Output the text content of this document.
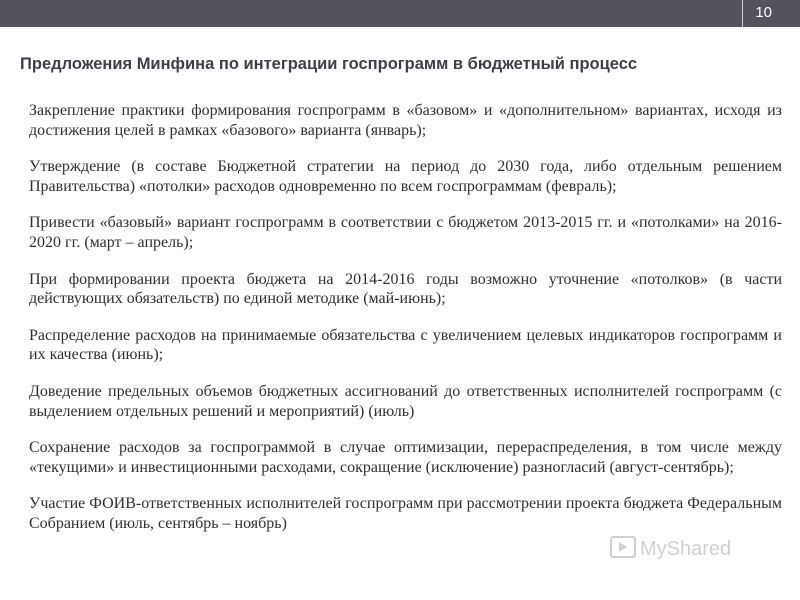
10
Предложения Минфина по интеграции госпрограмм в бюджетный процесс
Закрепление практики формирования госпрограмм в «базовом» и «дополнительном» вариантах, исходя из достижения целей в рамках «базового» варианта (январь);
Утверждение (в составе Бюджетной стратегии на период до 2030 года, либо отдельным решением Правительства) «потолки» расходов одновременно по всем госпрограммам (февраль);
Привести «базовый» вариант госпрограмм в соответствии с бюджетом 2013-2015 гг. и «потолками» на 2016-2020 гг. (март – апрель);
При формировании проекта бюджета на 2014-2016 годы возможно уточнение «потолков» (в части действующих обязательств) по единой методике (май-июнь);
Распределение расходов на принимаемые обязательства с увеличением целевых индикаторов госпрограмм и их качества (июнь);
Доведение предельных объемов бюджетных ассигнований до ответственных исполнителей госпрограмм (с выделением отдельных решений и мероприятий) (июль)
Сохранение расходов за госпрограммой в случае оптимизации, перераспределения, в том числе между «текущими» и инвестиционными расходами, сокращение (исключение) разногласий (август-сентябрь);
Участие ФОИВ-ответственных исполнителей госпрограмм при рассмотрении проекта бюджета Федеральным Собранием (июль, сентябрь – ноябрь)
MyShared
